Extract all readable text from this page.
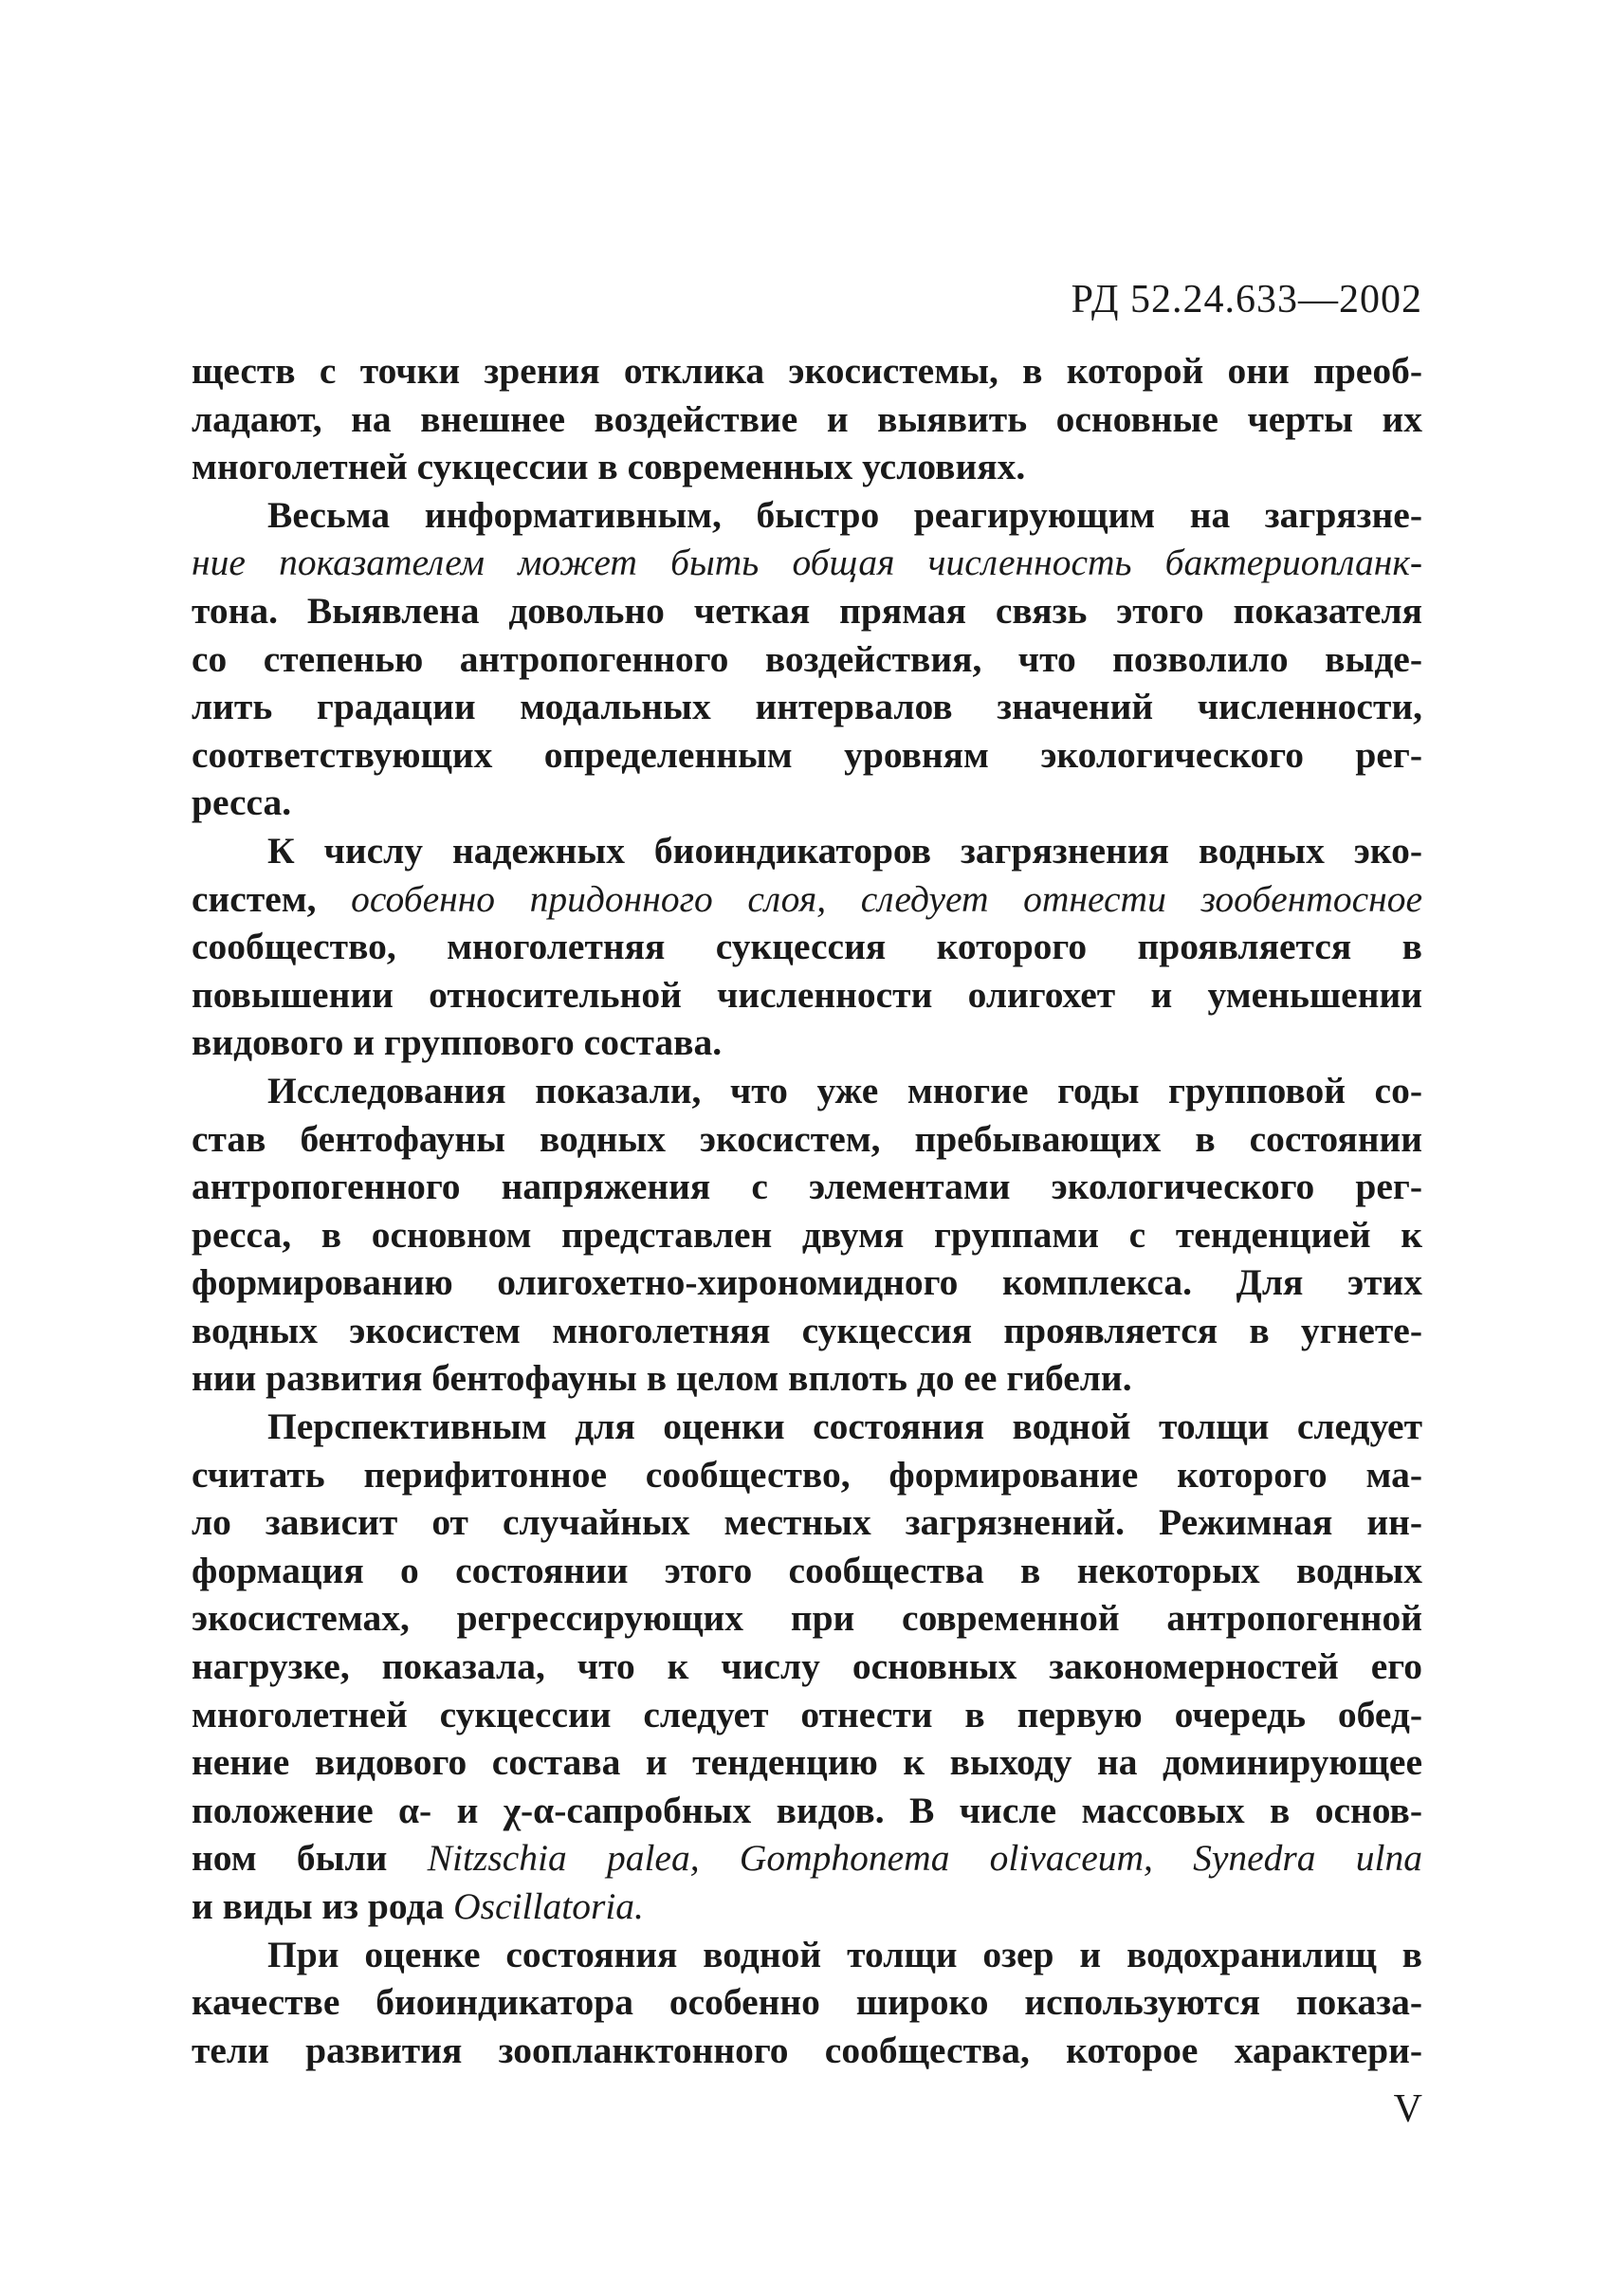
РД 52.24.633—2002
ществ с точки зрения отклика экосистемы, в которой они преоб-
ладают, на внешнее воздействие и выявить основные черты их
многолетней сукцессии в современных условиях.
Весьма информативным, быстро реагирующим на загрязне-
ние показателем может быть общая численность бактериопланк-
тона. Выявлена довольно четкая прямая связь этого показателя
со степенью антропогенного воздействия, что позволило выде-
лить градации модальных интервалов значений численности,
соответствующих определенным уровням экологического рег-
ресса.
К числу надежных биоиндикаторов загрязнения водных эко-
систем, особенно придонного слоя, следует отнести зообентосное
сообщество, многолетняя сукцессия которого проявляется в
повышении относительной численности олигохет и уменьшении
видового и группового состава.
Исследования показали, что уже многие годы групповой со-
став бентофауны водных экосистем, пребывающих в состоянии
антропогенного напряжения с элементами экологического рег-
ресса, в основном представлен двумя группами с тенденцией к
формированию олигохетно-хирономидного комплекса. Для этих
водных экосистем многолетняя сукцессия проявляется в угнете-
нии развития бентофауны в целом вплоть до ее гибели.
Перспективным для оценки состояния водной толщи следует
считать перифитонное сообщество, формирование которого ма-
ло зависит от случайных местных загрязнений. Режимная ин-
формация о состоянии этого сообщества в некоторых водных
экосистемах, регрессирующих при современной антропогенной
нагрузке, показала, что к числу основных закономерностей его
многолетней сукцессии следует отнести в первую очередь обед-
нение видового состава и тенденцию к выходу на доминирующее
положение α- и χ-α-сапробных видов. В числе массовых в основ-
ном были Nitzschia palea, Gomphonema olivaceum, Synedra ulna
и виды из рода Oscillatoria.
При оценке состояния водной толщи озер и водохранилищ в
качестве биоиндикатора особенно широко используются показа-
тели развития зоопланктонного сообщества, которое характери-
V
